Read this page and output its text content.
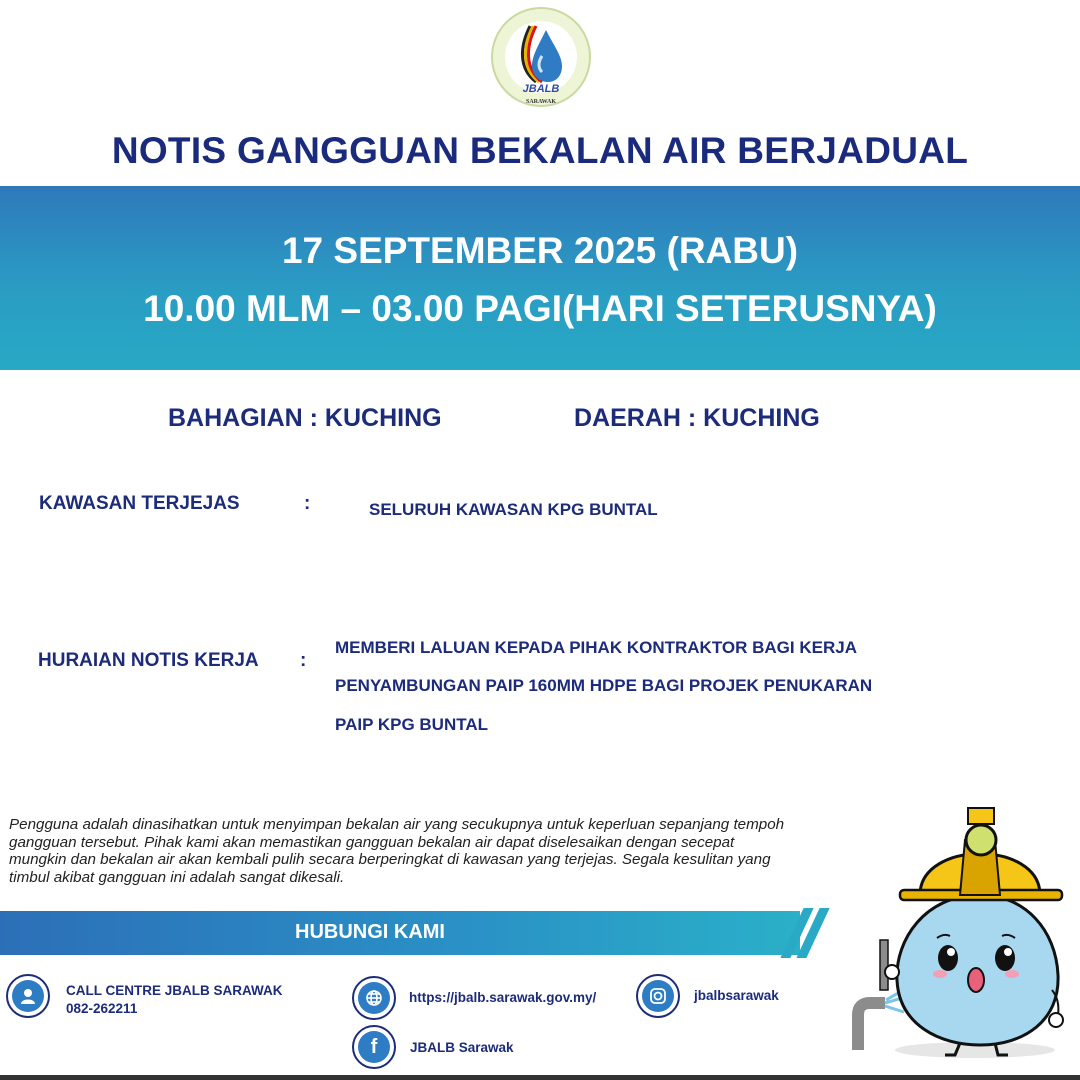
JBALB
SARAWAK
NOTIS GANGGUAN BEKALAN AIR BERJADUAL
17 SEPTEMBER 2025 (RABU)
10.00 MLM – 03.00 PAGI(HARI SETERUSNYA)
BAHAGIAN : KUCHING	DAERAH : KUCHING
KAWASAN TERJEJAS	:	SELURUH KAWASAN KPG BUNTAL
HURAIAN NOTIS KERJA :
MEMBERI LALUAN KEPADA PIHAK KONTRAKTOR BAGI KERJA
PENYAMBUNGAN PAIP 160MM HDPE BAGI PROJEK PENUKARAN
PAIP KPG BUNTAL
Pengguna adalah dinasihatkan untuk menyimpan bekalan air yang secukupnya untuk keperluan sepanjang tempoh gangguan tersebut. Pihak kami akan memastikan gangguan bekalan air dapat diselesaikan dengan secepat mungkin dan bekalan air akan kembali pulih secara berperingkat di kawasan yang terjejas. Segala kesulitan yang timbul akibat gangguan ini adalah sangat dikesali.
HUBUNGI KAMI
CALL CENTRE JBALB SARAWAK
082-262211
https://jbalb.sarawak.gov.my/	jbalbsarawak
f	JBALB Sarawak
